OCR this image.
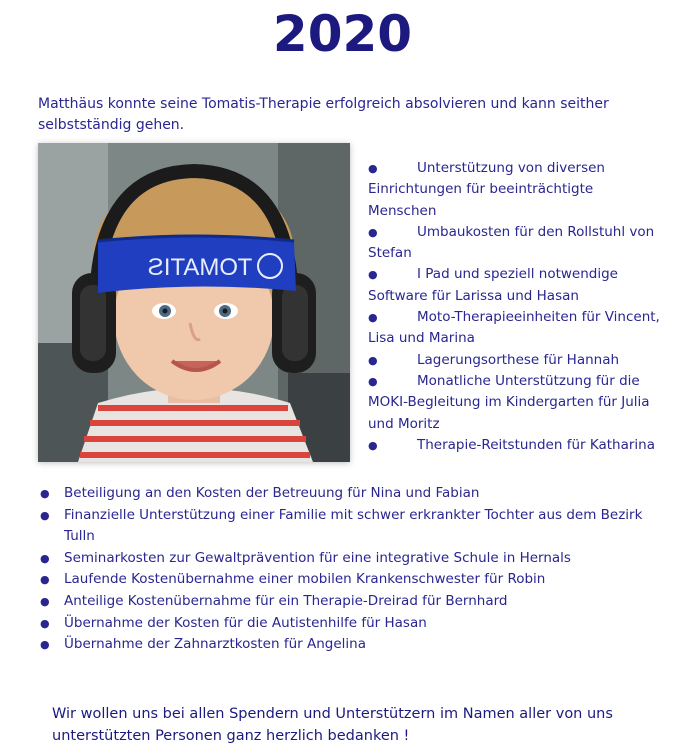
2020
Matthäus konnte seine Tomatis-Therapie erfolgreich absolvieren und kann seither selbstständig gehen.
TOMATIS
●	Unterstützung von diversen Einrichtungen für beeinträchtigte Menschen
●	Umbaukosten für den Rollstuhl von Stefan
●	I Pad und speziell notwendige Software für Larissa und Hasan
●	Moto-Therapieeinheiten für Vincent, Lisa und Marina
●	Lagerungsorthese für Hannah
●	Monatliche Unterstützung für die MOKI-Begleitung im Kindergarten für Julia und Moritz
●	Therapie-Reitstunden für Katharina
● Beteiligung an den Kosten der Betreuung für Nina und Fabian
● Finanzielle Unterstützung einer Familie mit schwer erkrankter Tochter aus dem Bezirk Tulln
● Seminarkosten zur Gewaltprävention für eine integrative Schule in Hernals
● Laufende Kostenübernahme einer mobilen Krankenschwester für Robin
● Anteilige Kostenübernahme für ein Therapie-Dreirad für Bernhard
● Übernahme der Kosten für die Autistenhilfe für Hasan
● Übernahme der Zahnarztkosten für Angelina
Wir wollen uns bei allen Spendern und Unterstützern im Namen aller von uns unterstützten Personen ganz herzlich bedanken !
